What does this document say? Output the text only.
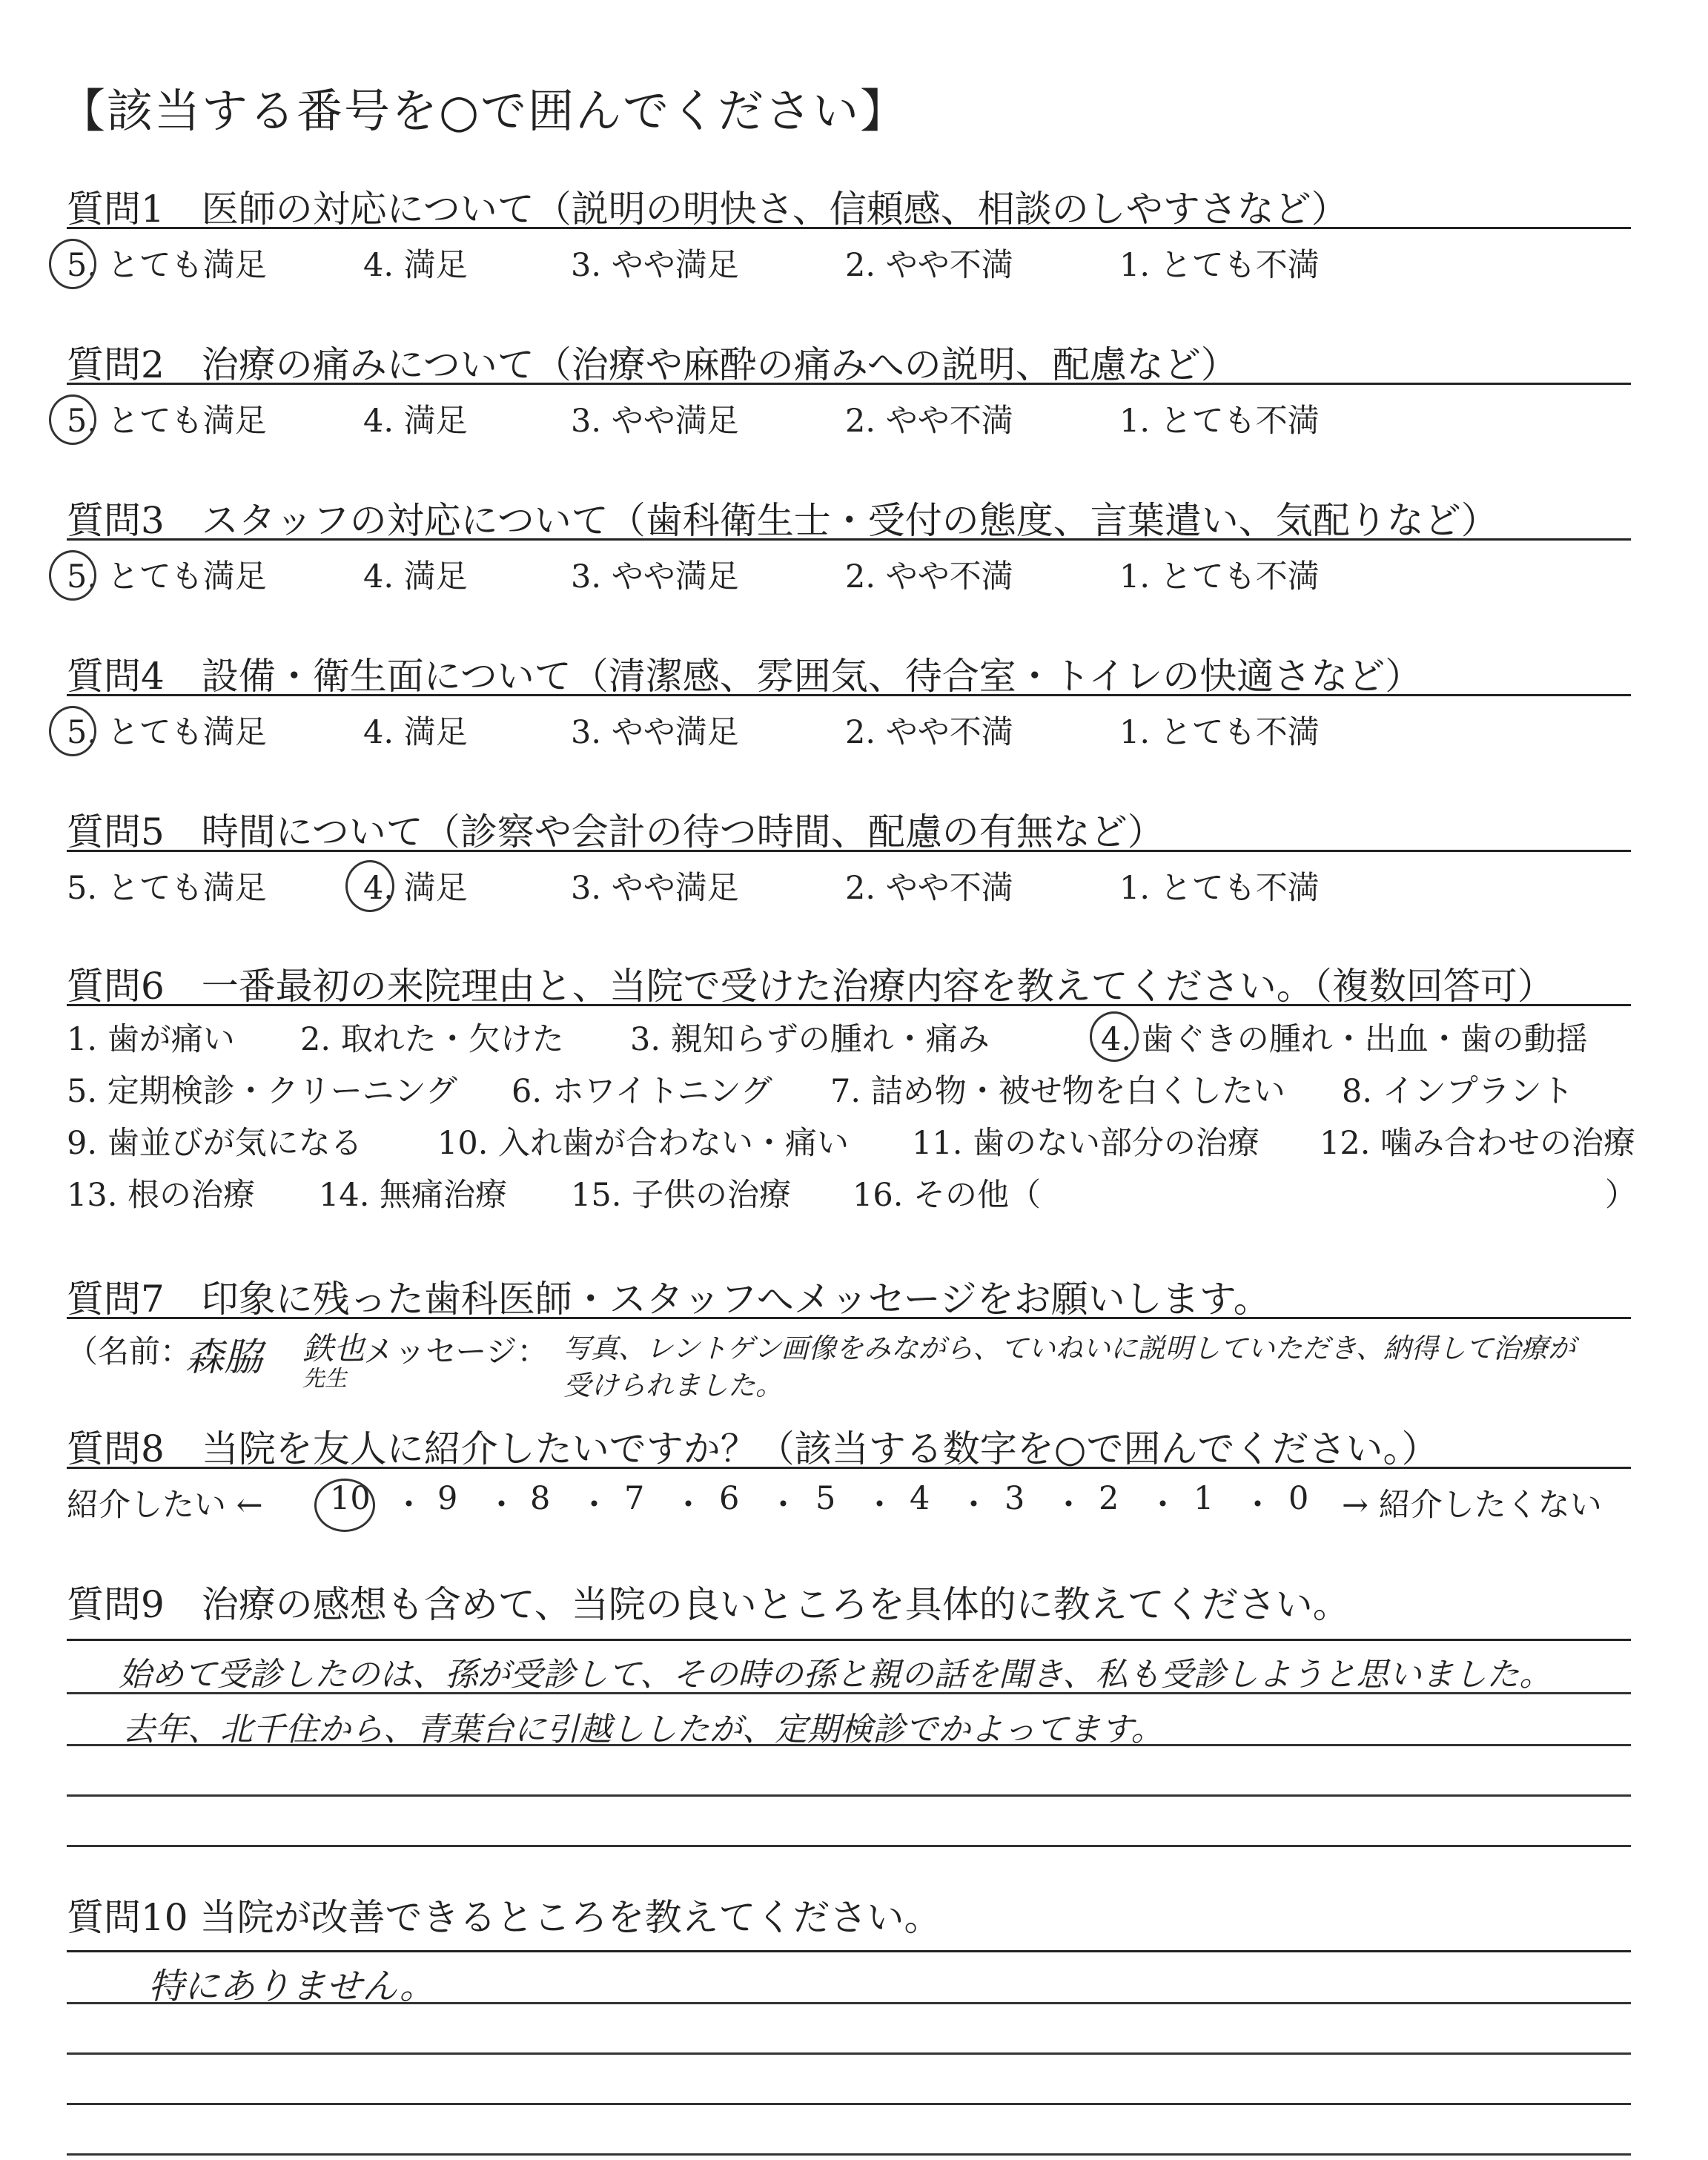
【該当する番号を○で囲んでください】
質問1　医師の対応について（説明の明快さ、信頼感、相談のしやすさなど）
5. とても満足	4. 満足	3. やや満足	2. やや不満	1. とても不満
質問2　治療の痛みについて（治療や麻酔の痛みへの説明、配慮など）
5. とても満足	4. 満足	3. やや満足	2. やや不満	1. とても不満
質問3　スタッフの対応について（歯科衛生士・受付の態度、言葉遣い、気配りなど）
5. とても満足	4. 満足	3. やや満足	2. やや不満	1. とても不満
質問4　設備・衛生面について（清潔感、雰囲気、待合室・トイレの快適さなど）
5. とても満足	4. 満足	3. やや満足	2. やや不満	1. とても不満
質問5　時間について（診察や会計の待つ時間、配慮の有無など）
5. とても満足	4. 満足	3. やや満足	2. やや不満	1. とても不満
質問6　一番最初の来院理由と、当院で受けた治療内容を教えてください。（複数回答可）
1. 歯が痛い 2. 取れた・欠けた 3. 親知らずの腫れ・痛み	4. 歯ぐきの腫れ・出血・歯の動揺
5. 定期検診・クリーニング 6. ホワイトニング 7. 詰め物・被せ物を白くしたい 8. インプラント
9. 歯並びが気になる 10. 入れ歯が合わない・痛い 11. 歯のない部分の治療 12. 噛み合わせの治療
13. 根の治療 14. 無痛治療 15. 子供の治療 16. その他（	）
質問7　印象に残った歯科医師・スタッフへメッセージをお願いします。
（名前：
森脇 鉄也
先生
メッセージ： 写真、レントゲン画像をみながら、ていねいに説明していただき、納得して治療が
受けられました。
質問8　当院を友人に紹介したいですか？（該当する数字を○で囲んでください。）
紹介したい ← 10 ・ 9 ・ 8 ・ 7 ・ 6 ・ 5 ・ 4 ・ 3 ・ 2 ・ 1 ・ 0 → 紹介したくない
質問9　治療の感想も含めて、当院の良いところを具体的に教えてください。
始めて受診したのは、孫が受診して、その時の孫と親の話を聞き、私も受診しようと思いました。
去年、北千住から、青葉台に引越ししたが、定期検診でかよってます。
質問10 当院が改善できるところを教えてください。
特にありません。
